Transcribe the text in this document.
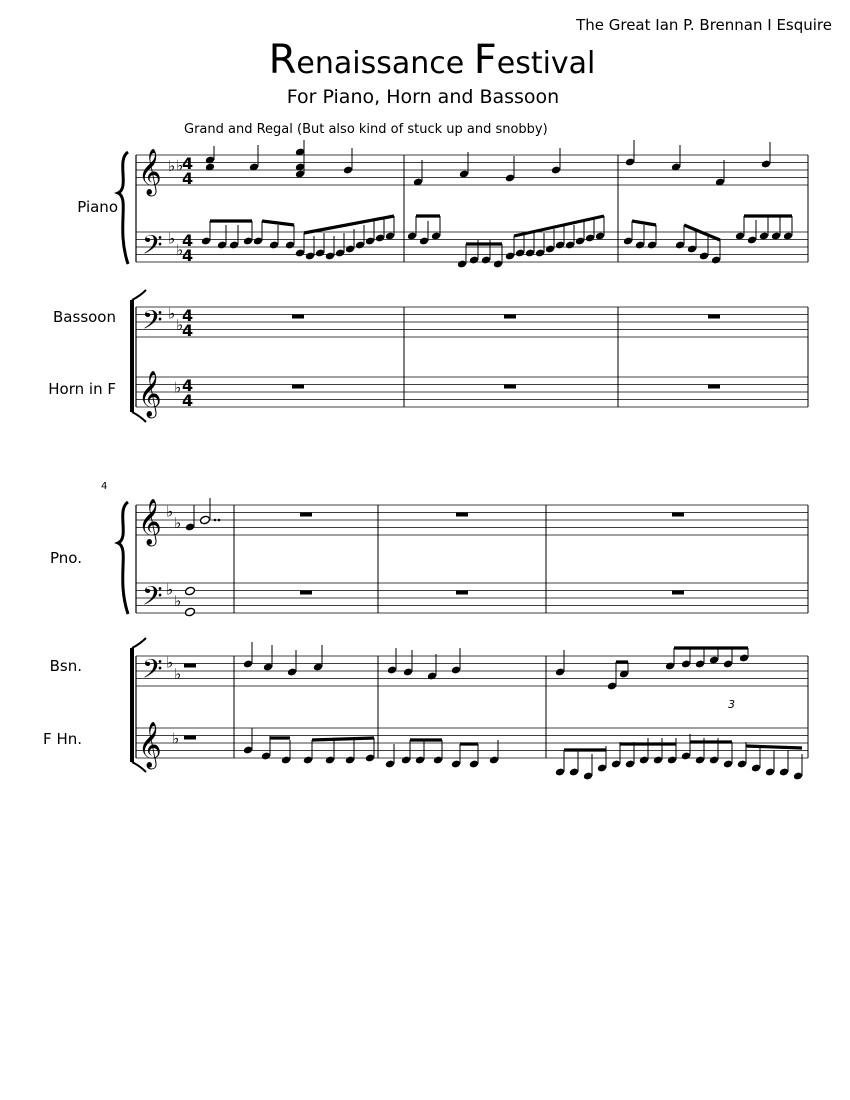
The Great Ian P. Brennan I Esquire
Renaissance Festival
For Piano, Horn and Bassoon
Grand and Regal (But also kind of stuck up and snobby)
Piano
Bassoon
Horn in F
Pno.
Bsn.
F Hn.
4
𝄞
𝄢
𝄢
𝄞
♭ ♭
♭
♭
♭
♭
♭
4
4
4
4
4
4
4
4
𝄞
𝄢
𝄢
𝄞
♭
♭
♭
♭
♭
♭
♭
3
